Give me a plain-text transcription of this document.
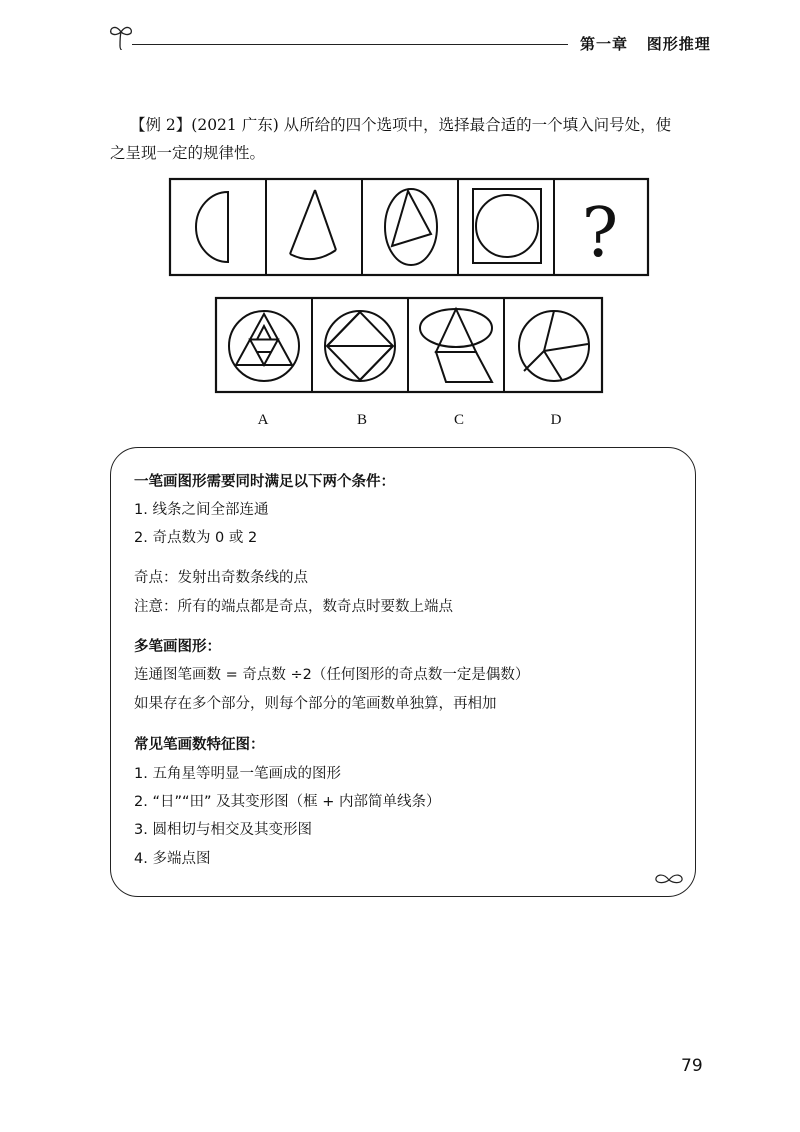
第一章 图形推理
【例 2】(2021 广东) 从所给的四个选项中，选择最合适的一个填入问号处，使
之呈现一定的规律性。
?
A	B	C	D
一笔画图形需要同时满足以下两个条件：
1. 线条之间全部连通
2. 奇点数为 0 或 2
奇点：发射出奇数条线的点
注意：所有的端点都是奇点，数奇点时要数上端点
多笔画图形：
连通图笔画数 = 奇点数 ÷2（任何图形的奇点数一定是偶数）
如果存在多个部分，则每个部分的笔画数单独算，再相加
常见笔画数特征图：
1. 五角星等明显一笔画成的图形
2. “日”“田” 及其变形图（框 + 内部简单线条）
3. 圆相切与相交及其变形图
4. 多端点图
79
